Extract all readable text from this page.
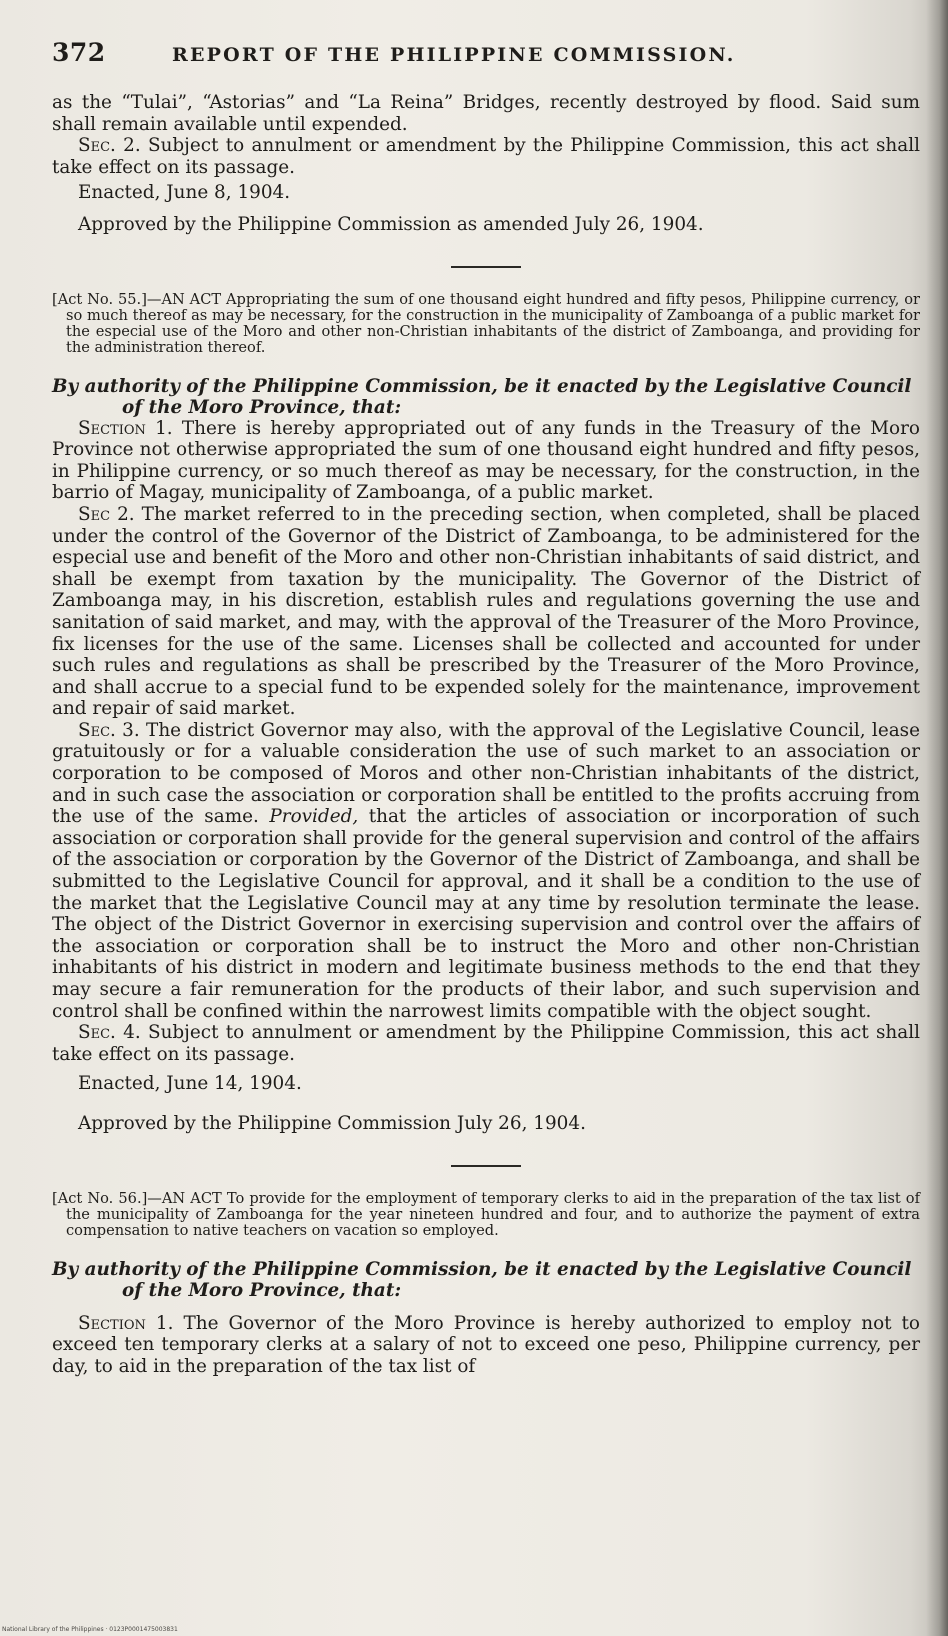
372	REPORT OF THE PHILIPPINE COMMISSION.

as the “Tulai”, “Astorias” and “La Reina” Bridges, recently destroyed by flood. Said sum shall remain available until expended.

Sec. 2. Subject to annulment or amendment by the Philippine Commission, this act shall take effect on its passage.

Enacted, June 8, 1904.

Approved by the Philippine Commission as amended July 26, 1904.

[Act No. 55.]—AN ACT Appropriating the sum of one thousand eight hundred and fifty pesos, Philippine currency, or so much thereof as may be necessary, for the construction in the municipality of Zamboanga of a public market for the especial use of the Moro and other non-Christian inhabitants of the district of Zamboanga, and providing for the administration thereof.

By authority of the Philippine Commission, be it enacted by the Legislative Council of the Moro Province, that:

Section 1. There is hereby appropriated out of any funds in the Treasury of the Moro Province not otherwise appropriated the sum of one thousand eight hundred and fifty pesos, in Philippine currency, or so much thereof as may be necessary, for the construction, in the barrio of Magay, municipality of Zamboanga, of a public market.

Sec 2. The market referred to in the preceding section, when completed, shall be placed under the control of the Governor of the District of Zamboanga, to be administered for the especial use and benefit of the Moro and other non-Christian inhabitants of said district, and shall be exempt from taxation by the municipality. The Governor of the District of Zamboanga may, in his discretion, establish rules and regulations governing the use and sanitation of said market, and may, with the approval of the Treasurer of the Moro Province, fix licenses for the use of the same. Licenses shall be collected and accounted for under such rules and regulations as shall be prescribed by the Treasurer of the Moro Province, and shall accrue to a special fund to be expended solely for the maintenance, improvement and repair of said market.

Sec. 3. The district Governor may also, with the approval of the Legislative Council, lease gratuitously or for a valuable consideration the use of such market to an association or corporation to be composed of Moros and other non-Christian inhabitants of the district, and in such case the association or corporation shall be entitled to the profits accruing from the use of the same. Provided, that the articles of association or incorporation of such association or corporation shall provide for the general supervision and control of the affairs of the association or corporation by the Governor of the District of Zamboanga, and shall be submitted to the Legislative Council for approval, and it shall be a condition to the use of the market that the Legislative Council may at any time by resolution terminate the lease. The object of the District Governor in exercising supervision and control over the affairs of the association or corporation shall be to instruct the Moro and other non-Christian inhabitants of his district in modern and legitimate business methods to the end that they may secure a fair remuneration for the products of their labor, and such supervision and control shall be confined within the narrowest limits compatible with the object sought.

Sec. 4. Subject to annulment or amendment by the Philippine Commission, this act shall take effect on its passage.

Enacted, June 14, 1904.

Approved by the Philippine Commission July 26, 1904.

[Act No. 56.]—AN ACT To provide for the employment of temporary clerks to aid in the preparation of the tax list of the municipality of Zamboanga for the year nineteen hundred and four, and to authorize the payment of extra compensation to native teachers on vacation so employed.

By authority of the Philippine Commission, be it enacted by the Legislative Council of the Moro Province, that:

Section 1. The Governor of the Moro Province is hereby authorized to employ not to exceed ten temporary clerks at a salary of not to exceed one peso, Philippine currency, per day, to aid in the preparation of the tax list of

National Library of the Philippines · 0123P0001475003831
